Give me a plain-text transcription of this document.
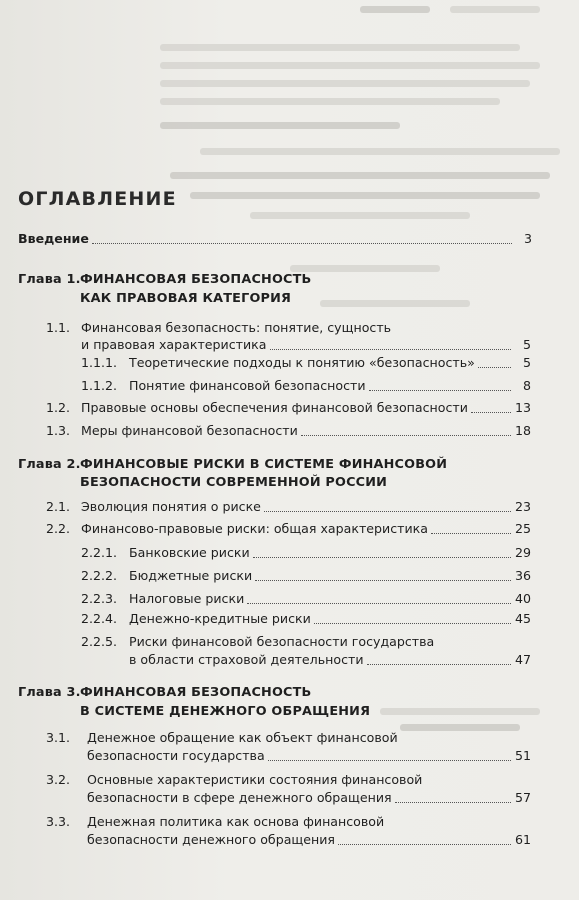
ОГЛАВЛЕНИЕ
Введение	3
Глава 1.ФИНАНСОВАЯ БЕЗОПАСНОСТЬ
КАК ПРАВОВАЯ КАТЕГОРИЯ
1.1. Финансовая безопасность: понятие, сущность
и правовая характеристика	5
1.1.1. Теоретические подходы к понятию «безопасность»	5
1.1.2. Понятие финансовой безопасности	8
1.2. Правовые основы обеспечения финансовой безопасности	13
1.3. Меры финансовой безопасности	18
Глава 2.ФИНАНСОВЫЕ РИСКИ В СИСТЕМЕ ФИНАНСОВОЙ
БЕЗОПАСНОСТИ СОВРЕМЕННОЙ РОССИИ
2.1. Эволюция понятия о риске	23
2.2. Финансово-правовые риски: общая характеристика	25
2.2.1. Банковские риски	29
2.2.2. Бюджетные риски	36
2.2.3. Налоговые риски	40
2.2.4. Денежно-кредитные риски	45
2.2.5. Риски финансовой безопасности государства
в области страховой деятельности	47
Глава 3.ФИНАНСОВАЯ БЕЗОПАСНОСТЬ
В СИСТЕМЕ ДЕНЕЖНОГО ОБРАЩЕНИЯ
3.1. Денежное обращение как объект финансовой
безопасности государства	51
3.2. Основные характеристики состояния финансовой
безопасности в сфере денежного обращения	57
3.3. Денежная политика как основа финансовой
безопасности денежного обращения	61
